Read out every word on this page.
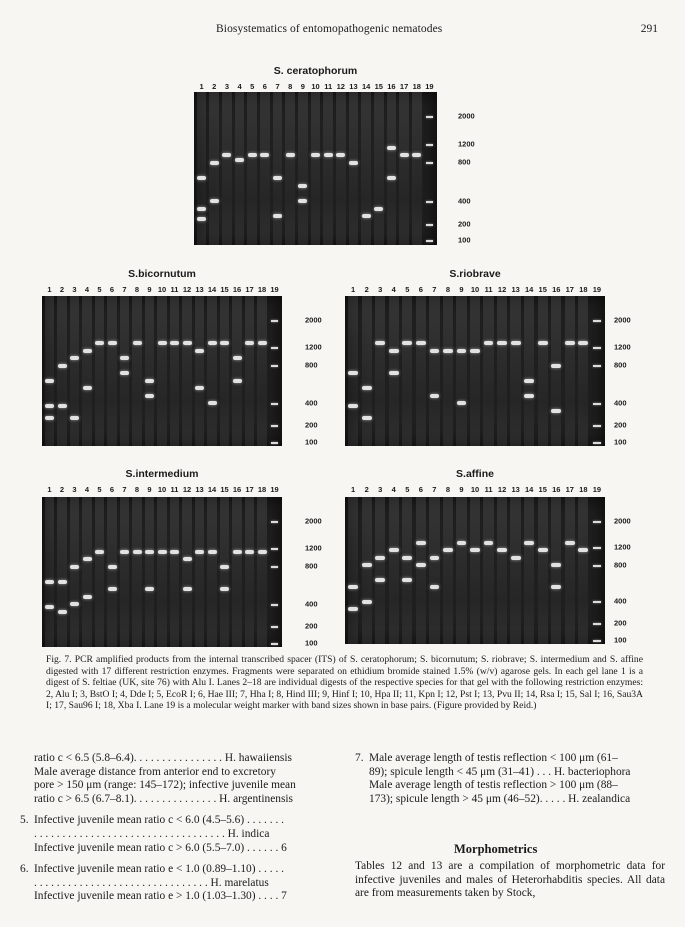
Biosystematics of entomopathogenic nematodes	291
S. ceratophorum
1 2 3 4 5 6 7 8 9 10 11 12 13 14 15 16 17 18 19
2000
1200
800
400
200
100
S.bicornutum
1 2 3 4 5 6 7 8 9 10 11 12 13 14 15 16 17 18 19
2000
1200
800
400
200
100
S.riobrave
1 2 3 4 5 6 7 8 9 10 11 12 13 14 15 16 17 18 19
2000
1200
800
400
200
100
S.intermedium
1 2 3 4 5 6 7 8 9 10 11 12 13 14 15 16 17 18 19
2000
1200
800
400
200
100
S.affine
1 2 3 4 5 6 7 8 9 10 11 12 13 14 15 16 17 18 19
2000
1200
800
400
200
100
Fig. 7. PCR amplified products from the internal transcribed spacer (ITS) of S. ceratophorum; S. bicornutum; S. riobrave; S. intermedium and S. affine digested with 17 different restriction enzymes. Fragments were separated on ethidium bromide stained 1.5% (w/v) agarose gels. In each gel lane 1 is a digest of S. feltiae (UK, site 76) with Alu I. Lanes 2–18 are individual digests of the respective species for that gel with the following restriction enzymes: 2, Alu I; 3, BstO I; 4, Dde I; 5, EcoR I; 6, Hae III; 7, Hha I; 8, Hind III; 9, Hinf I; 10, Hpa II; 11, Kpn I; 12, Pst I; 13, Pvu II; 14, Rsa I; 15, Sal I; 16, Sau3A I; 17, Sau96 I; 18, Xba I. Lane 19 is a molecular weight marker with band sizes shown in base pairs. (Figure provided by Reid.)
ratio c < 6.5 (5.8–6.4). . . . . . . . . . . . . . . . H. hawaiiensis
Male average distance from anterior end to excretory
pore > 150 μm (range: 145–172); infective juvenile mean
ratio c > 6.5 (6.7–8.1). . . . . . . . . . . . . . . H. argentinensis
5. Infective juvenile mean ratio c < 6.0 (4.5–5.6) . . . . . . .
. . . . . . . . . . . . . . . . . . . . . . . . . . . . . . . . . . H. indica
Infective juvenile mean ratio c > 6.0 (5.5–7.0) . . . . . . 6
6. Infective juvenile mean ratio e < 1.0 (0.89–1.10) . . . . .
. . . . . . . . . . . . . . . . . . . . . . . . . . . . . . . H. marelatus
Infective juvenile mean ratio e > 1.0 (1.03–1.30) . . . . 7
7. Male average length of testis reflection < 100 μm (61–
89); spicule length < 45 μm (31–41) . . . H. bacteriophora
Male average length of testis reflection > 100 μm (88–
173); spicule length > 45 μm (46–52). . . . . H. zealandica
Morphometrics
Tables 12 and 13 are a compilation of morphometric data for infective juveniles and males of Heterorhabditis species. All data are from measurements taken by Stock,
